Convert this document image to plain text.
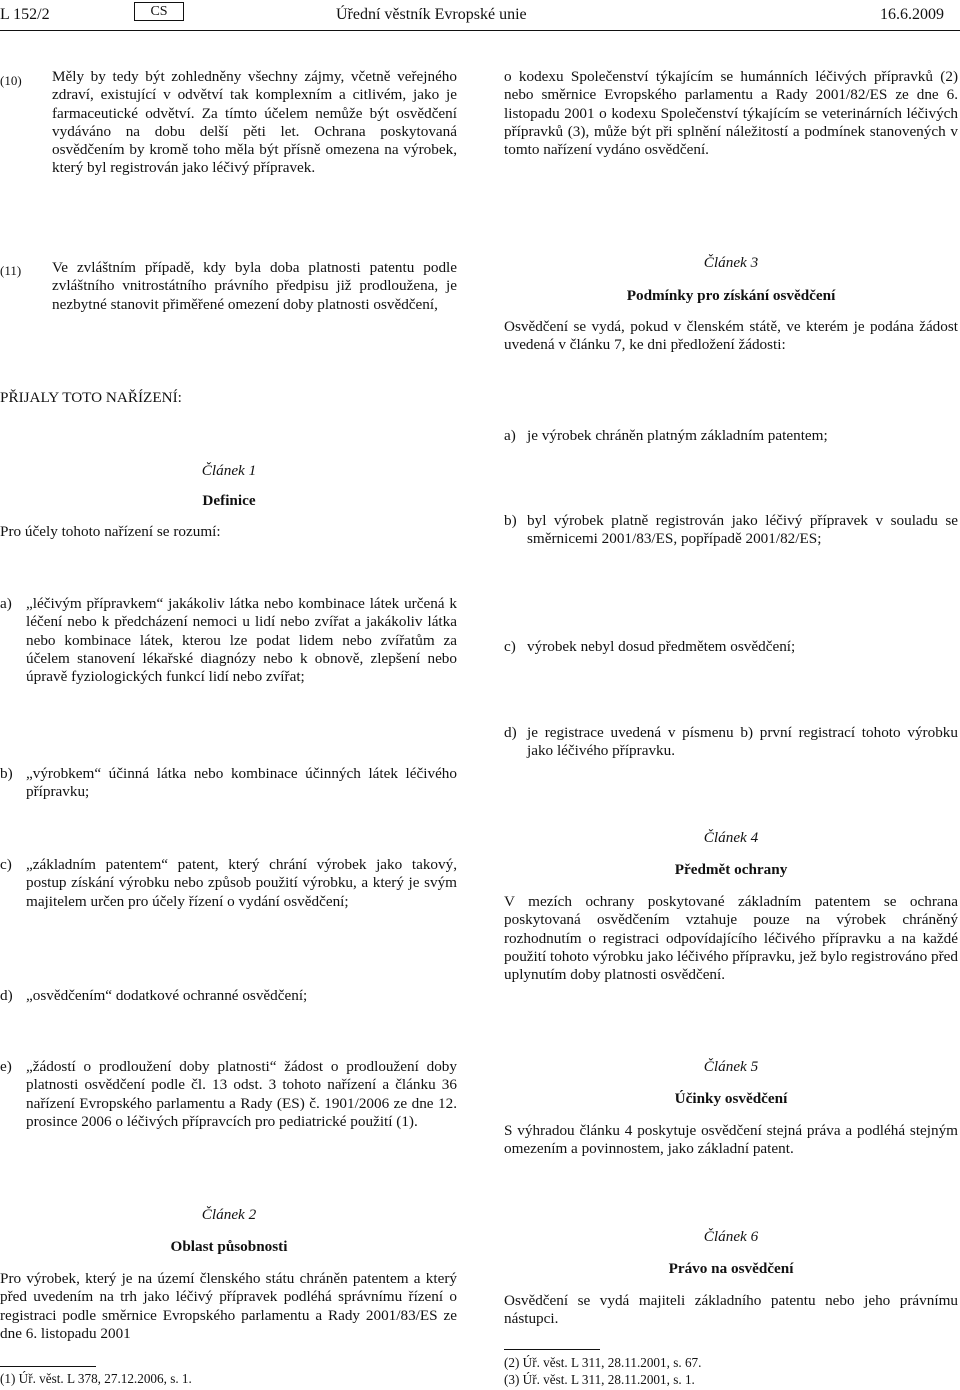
L 152/2	CS	Úřední věstník Evropské unie	16.6.2009
(10) Měly by tedy být zohledněny všechny zájmy, včetně veřejného zdraví, existující v odvětví tak komplexním a citlivém, jako je farmaceutické odvětví. Za tímto účelem nemůže být osvědčení vydáváno na dobu delší pěti let. Ochrana poskytovaná osvědčením by kromě toho měla být přísně omezena na výrobek, který byl registrován jako léčivý přípravek.
(11) Ve zvláštním případě, kdy byla doba platnosti patentu podle zvláštního vnitrostátního právního předpisu již prodloužena, je nezbytné stanovit přiměřené omezení doby platnosti osvědčení,
PŘIJALY TOTO NAŘÍZENÍ:
Článek 1
Definice
Pro účely tohoto nařízení se rozumí:
a) „léčivým přípravkem“ jakákoliv látka nebo kombinace látek určená k léčení nebo k předcházení nemoci u lidí nebo zvířat a jakákoliv látka nebo kombinace látek, kterou lze podat lidem nebo zvířatům za účelem stanovení lékařské diagnózy nebo k obnově, zlepšení nebo úpravě fyziologických funkcí lidí nebo zvířat;
b) „výrobkem“ účinná látka nebo kombinace účinných látek léčivého přípravku;
c) „základním patentem“ patent, který chrání výrobek jako takový, postup získání výrobku nebo způsob použití výrobku, a který je svým majitelem určen pro účely řízení o vydání osvědčení;
d) „osvědčením“ dodatkové ochranné osvědčení;
e) „žádostí o prodloužení doby platnosti“ žádost o prodloužení doby platnosti osvědčení podle čl. 13 odst. 3 tohoto nařízení a článku 36 nařízení Evropského parlamentu a Rady (ES) č. 1901/2006 ze dne 12. prosince 2006 o léčivých přípravcích pro pediatrické použití (1).
Článek 2
Oblast působnosti
Pro výrobek, který je na území členského státu chráněn patentem a který před uvedením na trh jako léčivý přípravek podléhá správnímu řízení o registraci podle směrnice Evropského parlamentu a Rady 2001/83/ES ze dne 6. listopadu 2001
(1) Úř. věst. L 378, 27.12.2006, s. 1.
o kodexu Společenství týkajícím se humánních léčivých přípravků (2) nebo směrnice Evropského parlamentu a Rady 2001/82/ES ze dne 6. listopadu 2001 o kodexu Společenství týkajícím se veterinárních léčivých přípravků (3), může být při splnění náležitostí a podmínek stanovených v tomto nařízení vydáno osvědčení.
Článek 3
Podmínky pro získání osvědčení
Osvědčení se vydá, pokud v členském státě, ve kterém je podána žádost uvedená v článku 7, ke dni předložení žádosti:
a) je výrobek chráněn platným základním patentem;
b) byl výrobek platně registrován jako léčivý přípravek v souladu se směrnicemi 2001/83/ES, popřípadě 2001/82/ES;
c) výrobek nebyl dosud předmětem osvědčení;
d) je registrace uvedená v písmenu b) první registrací tohoto výrobku jako léčivého přípravku.
Článek 4
Předmět ochrany
V mezích ochrany poskytované základním patentem se ochrana poskytovaná osvědčením vztahuje pouze na výrobek chráněný rozhodnutím o registraci odpovídajícího léčivého přípravku a na každé použití tohoto výrobku jako léčivého přípravku, jež bylo registrováno před uplynutím doby platnosti osvědčení.
Článek 5
Účinky osvědčení
S výhradou článku 4 poskytuje osvědčení stejná práva a podléhá stejným omezením a povinnostem, jako základní patent.
Článek 6
Právo na osvědčení
Osvědčení se vydá majiteli základního patentu nebo jeho právnímu nástupci.
(2) Úř. věst. L 311, 28.11.2001, s. 67.
(3) Úř. věst. L 311, 28.11.2001, s. 1.
